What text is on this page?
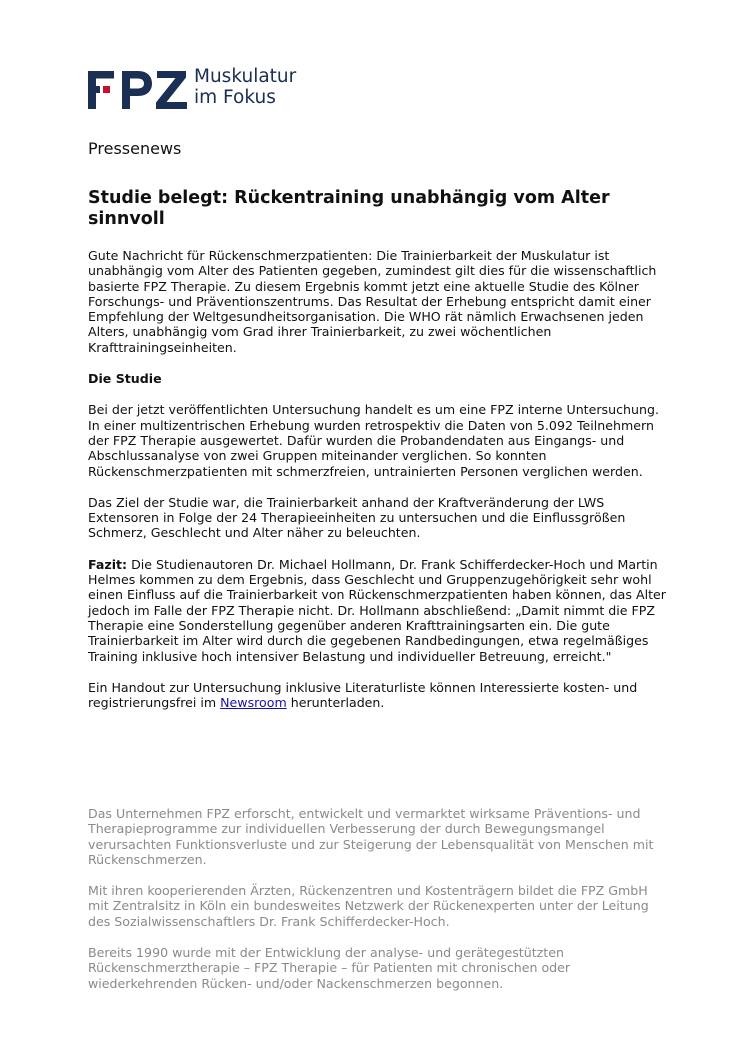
Muskulatur
im Fokus
Pressenews
Studie belegt: Rückentraining unabhängig vom Alter sinnvoll

Gute Nachricht für Rückenschmerzpatienten: Die Trainierbarkeit der Muskulatur ist unabhängig vom Alter des Patienten gegeben, zumindest gilt dies für die wissenschaftlich basierte FPZ Therapie. Zu diesem Ergebnis kommt jetzt eine aktuelle Studie des Kölner Forschungs- und Präventionszentrums. Das Resultat der Erhebung entspricht damit einer Empfehlung der Weltgesundheitsorganisation. Die WHO rät nämlich Erwachsenen jeden Alters, unabhängig vom Grad ihrer Trainierbarkeit, zu zwei wöchentlichen Krafttrainingseinheiten.

Die Studie

Bei der jetzt veröffentlichten Untersuchung handelt es um eine FPZ interne Untersuchung. In einer multizentrischen Erhebung wurden retrospektiv die Daten von 5.092 Teilnehmern der FPZ Therapie ausgewertet. Dafür wurden die Probandendaten aus Eingangs- und Abschlussanalyse von zwei Gruppen miteinander verglichen. So konnten Rückenschmerzpatienten mit schmerzfreien, untrainierten Personen verglichen werden.

Das Ziel der Studie war, die Trainierbarkeit anhand der Kraftveränderung der LWS Extensoren in Folge der 24 Therapieeinheiten zu untersuchen und die Einflussgrößen Schmerz, Geschlecht und Alter näher zu beleuchten.

Fazit: Die Studienautoren Dr. Michael Hollmann, Dr. Frank Schifferdecker-Hoch und Martin Helmes kommen zu dem Ergebnis, dass Geschlecht und Gruppenzugehörigkeit sehr wohl einen Einfluss auf die Trainierbarkeit von Rückenschmerzpatienten haben können, das Alter jedoch im Falle der FPZ Therapie nicht. Dr. Hollmann abschließend: „Damit nimmt die FPZ Therapie eine Sonderstellung gegenüber anderen Krafttrainingsarten ein. Die gute Trainierbarkeit im Alter wird durch die gegebenen Randbedingungen, etwa regelmäßiges Training inklusive hoch intensiver Belastung und individueller Betreuung, erreicht."

Ein Handout zur Untersuchung inklusive Literaturliste können Interessierte kosten- und registrierungsfrei im Newsroom herunterladen.

Das Unternehmen FPZ erforscht, entwickelt und vermarktet wirksame Präventions- und Therapieprogramme zur individuellen Verbesserung der durch Bewegungsmangel verursachten Funktionsverluste und zur Steigerung der Lebensqualität von Menschen mit Rückenschmerzen.

Mit ihren kooperierenden Ärzten, Rückenzentren und Kostenträgern bildet die FPZ GmbH mit Zentralsitz in Köln ein bundesweites Netzwerk der Rückenexperten unter der Leitung des Sozialwissenschaftlers Dr. Frank Schifferdecker-Hoch.

Bereits 1990 wurde mit der Entwicklung der analyse- und gerätegestützten Rückenschmerztherapie – FPZ Therapie – für Patienten mit chronischen oder wiederkehrenden Rücken- und/oder Nackenschmerzen begonnen.
